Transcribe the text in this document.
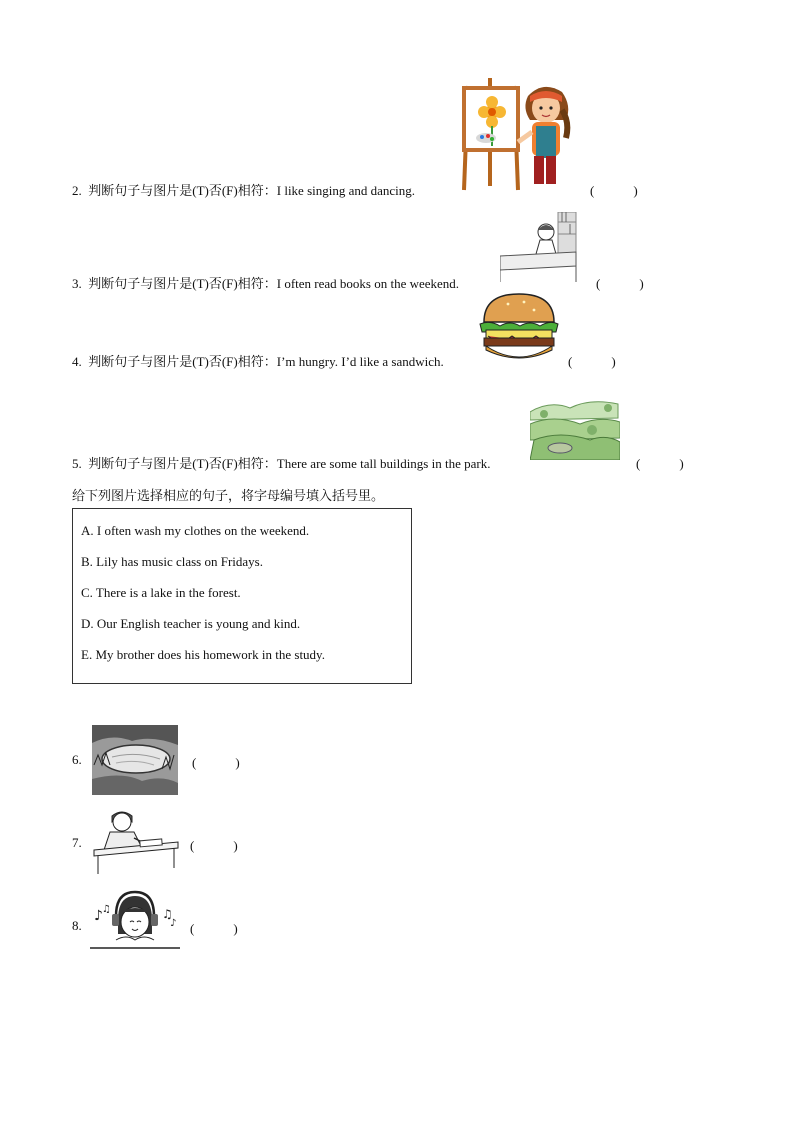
2. 判断句子与图片是(T)否(F)相符：I like singing and dancing.	(　　　)
3. 判断句子与图片是(T)否(F)相符：I often read books on the weekend.	(　　　)
4. 判断句子与图片是(T)否(F)相符：I’m hungry. I’d like a sandwich.	(　　　)
5. 判断句子与图片是(T)否(F)相符：There are some tall buildings in the park.	(　　　)
给下列图片选择相应的句子，将字母编号填入括号里。
A. I often wash my clothes on the weekend.
B. Lily has music class on Fridays.
C. There is a lake in the forest.
D. Our English teacher is young and kind.
E. My brother does his homework in the study.
6.	(　　　)
7.	(　　　)
8.
♪ ♫	♫
♪ (　　　)
